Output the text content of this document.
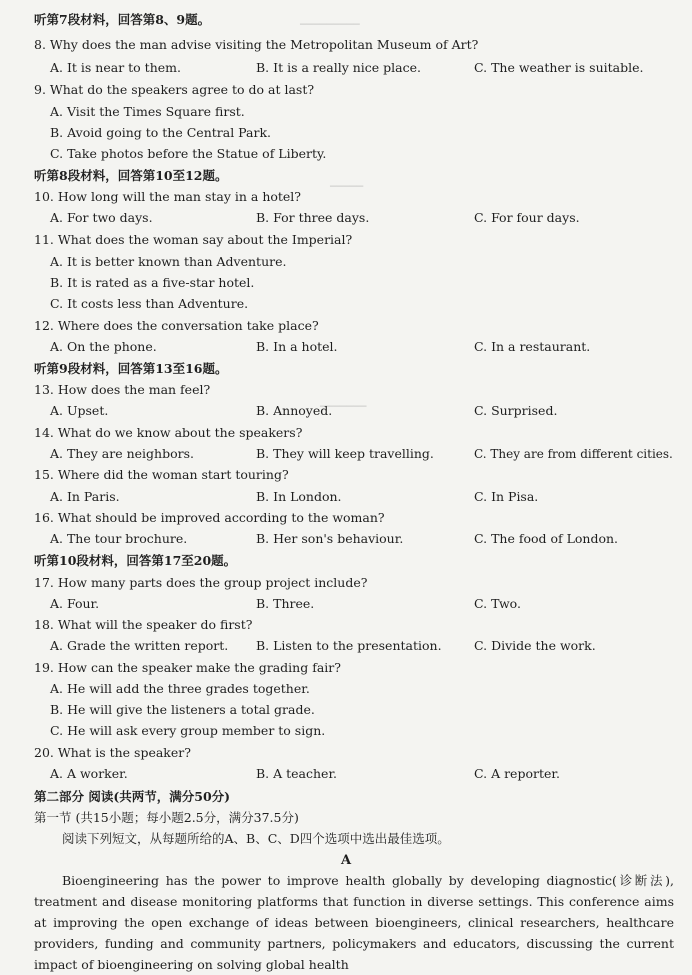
─────────
─────
───────
听第7段材料，回答第8、9题。
8. Why does the man advise visiting the Metropolitan Museum of Art?
A. It is near to them.	B. It is a really nice place.	C. The weather is suitable.
9. What do the speakers agree to do at last?
A. Visit the Times Square first.
B. Avoid going to the Central Park.
C. Take photos before the Statue of Liberty.
听第8段材料，回答第10至12题。
10. How long will the man stay in a hotel?
A. For two days.	B. For three days.	C. For four days.
11. What does the woman say about the Imperial?
A. It is better known than Adventure.
B. It is rated as a five-star hotel.
C. It costs less than Adventure.
12. Where does the conversation take place?
A. On the phone.	B. In a hotel.	C. In a restaurant.
听第9段材料，回答第13至16题。
13. How does the man feel?
A. Upset.	B. Annoyed.	C. Surprised.
14. What do we know about the speakers?
A. They are neighbors.	B. They will keep travelling.	C. They are from different cities.
15. Where did the woman start touring?
A. In Paris.	B. In London.	C. In Pisa.
16. What should be improved according to the woman?
A. The tour brochure.	B. Her son's behaviour.	C. The food of London.
听第10段材料，回答第17至20题。
17. How many parts does the group project include?
A. Four.	B. Three.	C. Two.
18. What will the speaker do first?
A. Grade the written report. B. Listen to the presentation.	C. Divide the work.
19. How can the speaker make the grading fair?
A. He will add the three grades together.
B. He will give the listeners a total grade.
C. He will ask every group member to sign.
20. What is the speaker?
A. A worker.	B. A teacher.	C. A reporter.
第二部分 阅读(共两节，满分50分)
第一节 (共15小题；每小题2.5分，满分37.5分)
阅读下列短文，从每题所给的A、B、C、D四个选项中选出最佳选项。
A
Bioengineering has the power to improve health globally by developing diagnostic(诊断法), treatment and disease monitoring platforms that function in diverse settings. This conference aims at improving the open exchange of ideas between bioengineers, clinical researchers, healthcare providers, funding and community partners, policymakers and educators, discussing the current impact of bioengineering on solving global health
